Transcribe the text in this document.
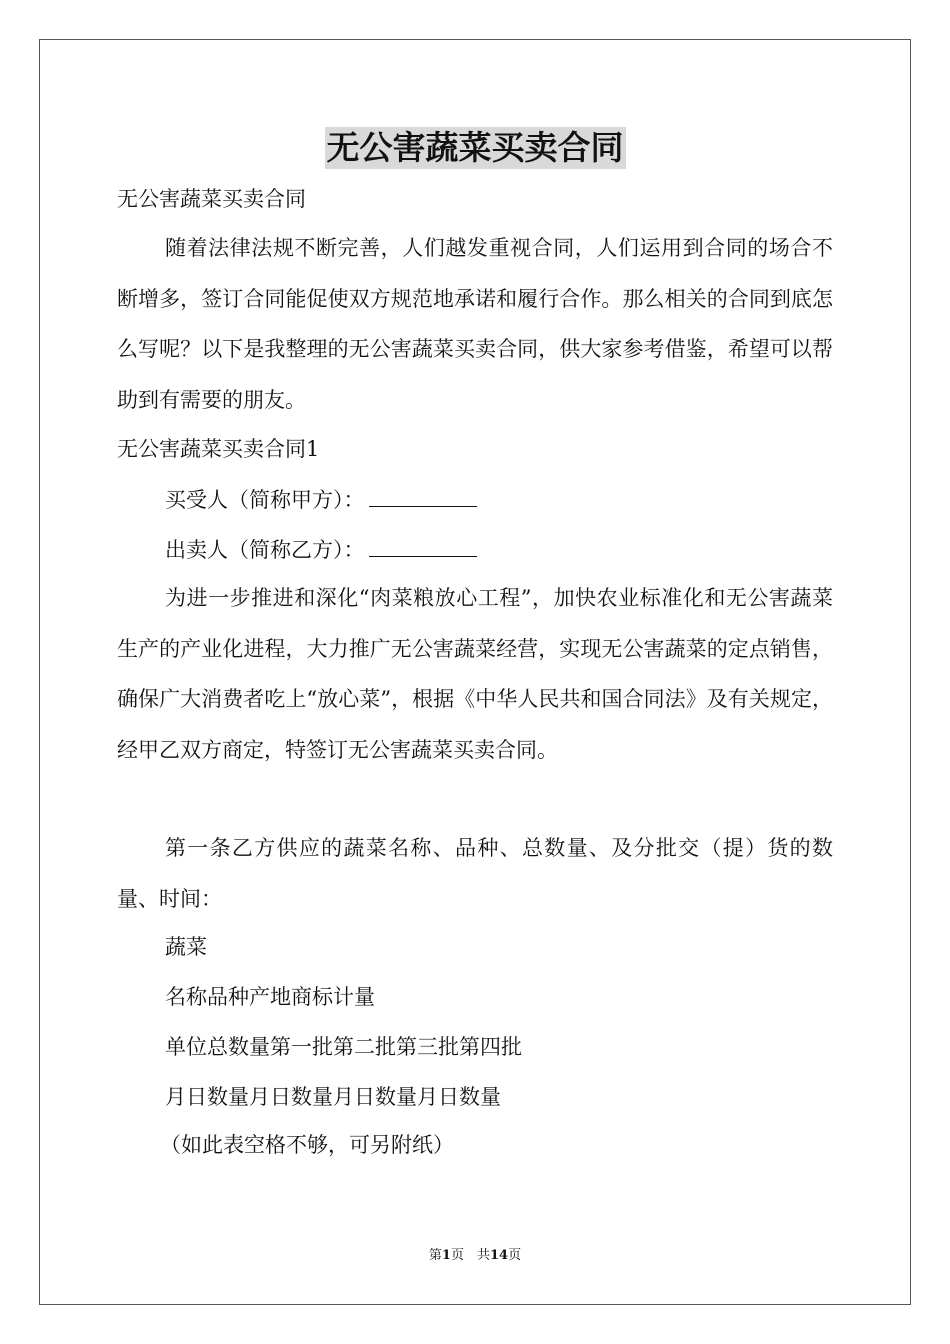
无公害蔬菜买卖合同
无公害蔬菜买卖合同
随着法律法规不断完善，人们越发重视合同，人们运用到合同的场合不断增多，签订合同能促使双方规范地承诺和履行合作。那么相关的合同到底怎么写呢？以下是我整理的无公害蔬菜买卖合同，供大家参考借鉴，希望可以帮助到有需要的朋友。
无公害蔬菜买卖合同1
买受人（简称甲方）：
出卖人（简称乙方）：
为进一步推进和深化“肉菜粮放心工程”，加快农业标准化和无公害蔬菜生产的产业化进程，大力推广无公害蔬菜经营，实现无公害蔬菜的定点销售，确保广大消费者吃上“放心菜”，根据《中华人民共和国合同法》及有关规定，经甲乙双方商定，特签订无公害蔬菜买卖合同。
第一条乙方供应的蔬菜名称、品种、总数量、及分批交（提）货的数量、时间：
蔬菜
名称品种产地商标计量
单位总数量第一批第二批第三批第四批
月日数量月日数量月日数量月日数量
（如此表空格不够，可另附纸）
第1页　共14页
